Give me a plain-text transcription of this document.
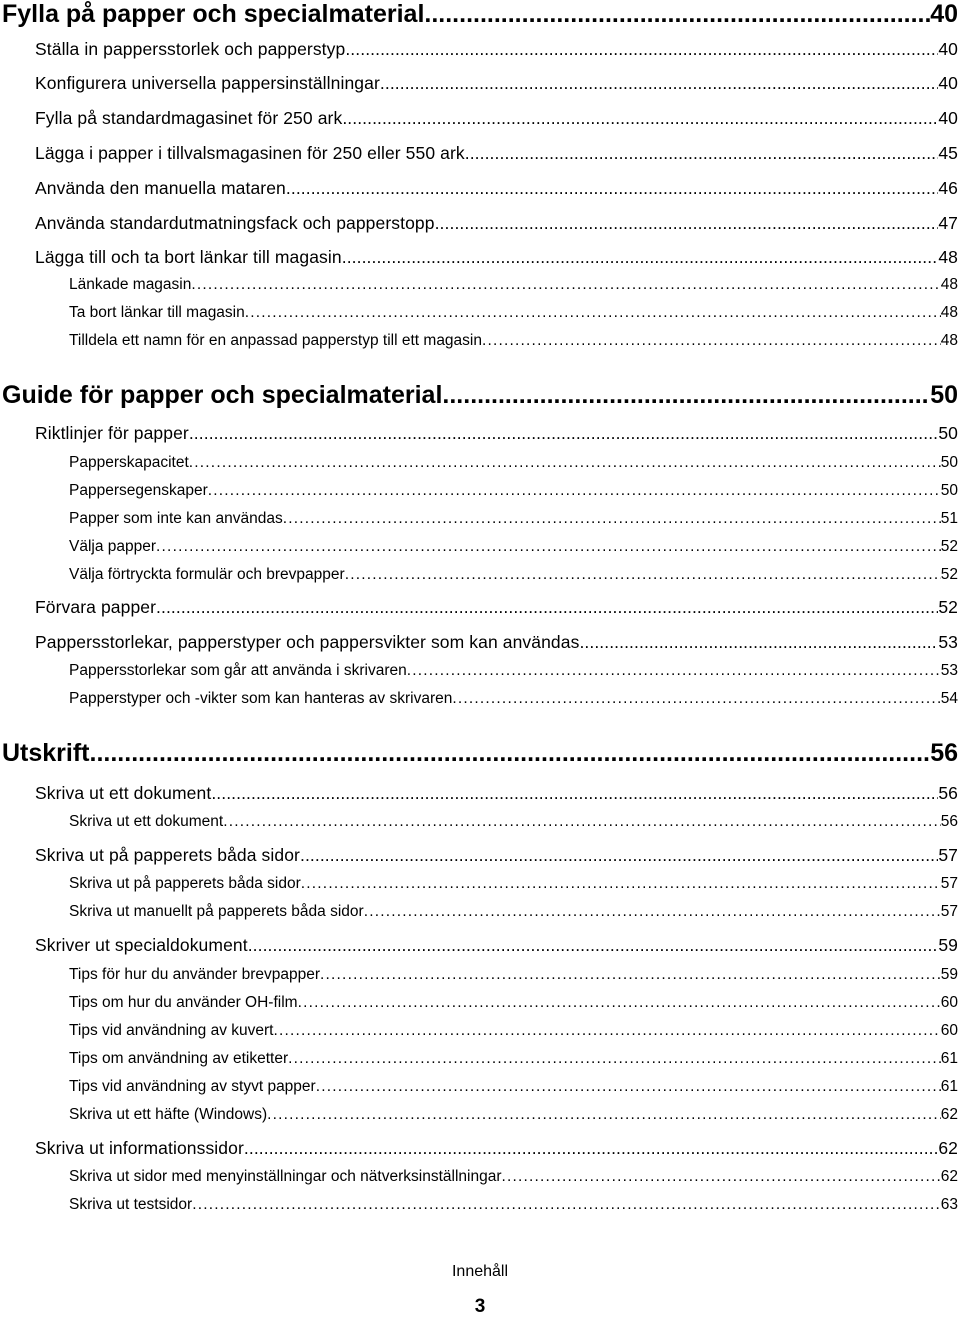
Fylla på papper och specialmaterial .....	40
Ställa in pappersstorlek och papperstyp .....	40
Konfigurera universella pappersinställningar .....	40
Fylla på standardmagasinet för 250 ark .....	40
Lägga i papper i tillvalsmagasinen för 250 eller 550 ark .....	45
Använda den manuella mataren .....	46
Använda standardutmatningsfack och papperstopp .....	47
Lägga till och ta bort länkar till magasin .....	48
Länkade magasin .....	48
Ta bort länkar till magasin .....	48
Tilldela ett namn för en anpassad papperstyp till ett magasin .....	48
Guide för papper och specialmaterial .....	50
Riktlinjer för papper .....	50
Papperskapacitet .....	50
Pappersegenskaper .....	50
Papper som inte kan användas .....	51
Välja papper .....	52
Välja förtryckta formulär och brevpapper .....	52
Förvara papper .....	52
Pappersstorlekar, papperstyper och pappersvikter som kan användas .....	53
Pappersstorlekar som går att använda i skrivaren .....	53
Papperstyper och -vikter som kan hanteras av skrivaren .....	54
Utskrift .....	56
Skriva ut ett dokument .....	56
Skriva ut ett dokument .....	56
Skriva ut på papperets båda sidor .....	57
Skriva ut på papperets båda sidor .....	57
Skriva ut manuellt på papperets båda sidor .....	57
Skriver ut specialdokument .....	59
Tips för hur du använder brevpapper .....	59
Tips om hur du använder OH-film .....	60
Tips vid användning av kuvert .....	60
Tips om användning av etiketter .....	61
Tips vid användning av styvt papper .....	61
Skriva ut ett häfte (Windows) .....	62
Skriva ut informationssidor .....	62
Skriva ut sidor med menyinställningar och nätverksinställningar .....	62
Skriva ut testsidor .....	63
Innehåll
3
